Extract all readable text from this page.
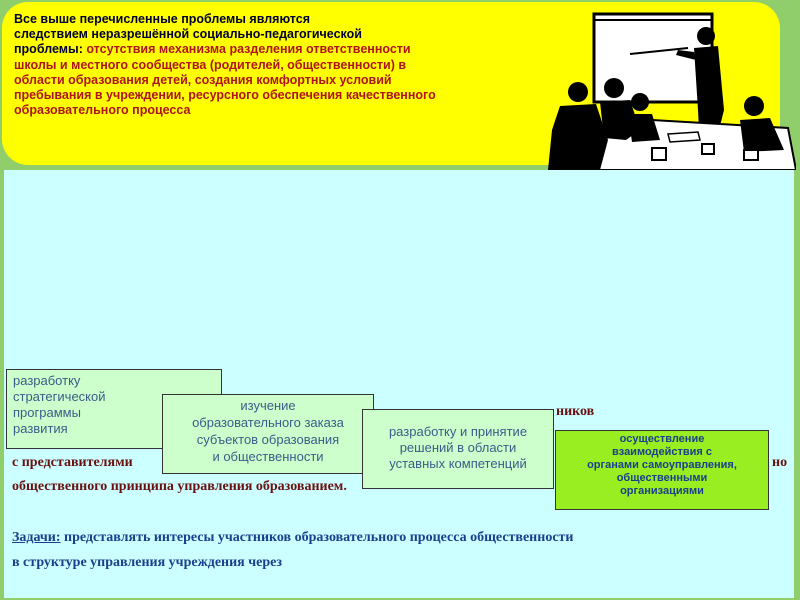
Все выше перечисленные проблемы являются
следствием неразрешённой социально-педагогической
проблемы: отсутствия механизма разделения ответственности
школы и местного сообщества (родителей, общественности) в
области образования детей, создания комфортных условий
пребывания в учреждении, ресурсного обеспечения качественного
образовательного процесса
ников
с представителями	но
общественного принципа управления образованием.
Задачи: представлять интересы участников образовательного процесса общественности
в структуре управления учреждения через
разработку
стратегической
программы
развития
изучение
образовательного заказа
субъектов образования
и общественности
разработку и принятие
решений в области
уставных компетенций
осуществление
взаимодействия с
органами самоуправления,
общественными
организациями
